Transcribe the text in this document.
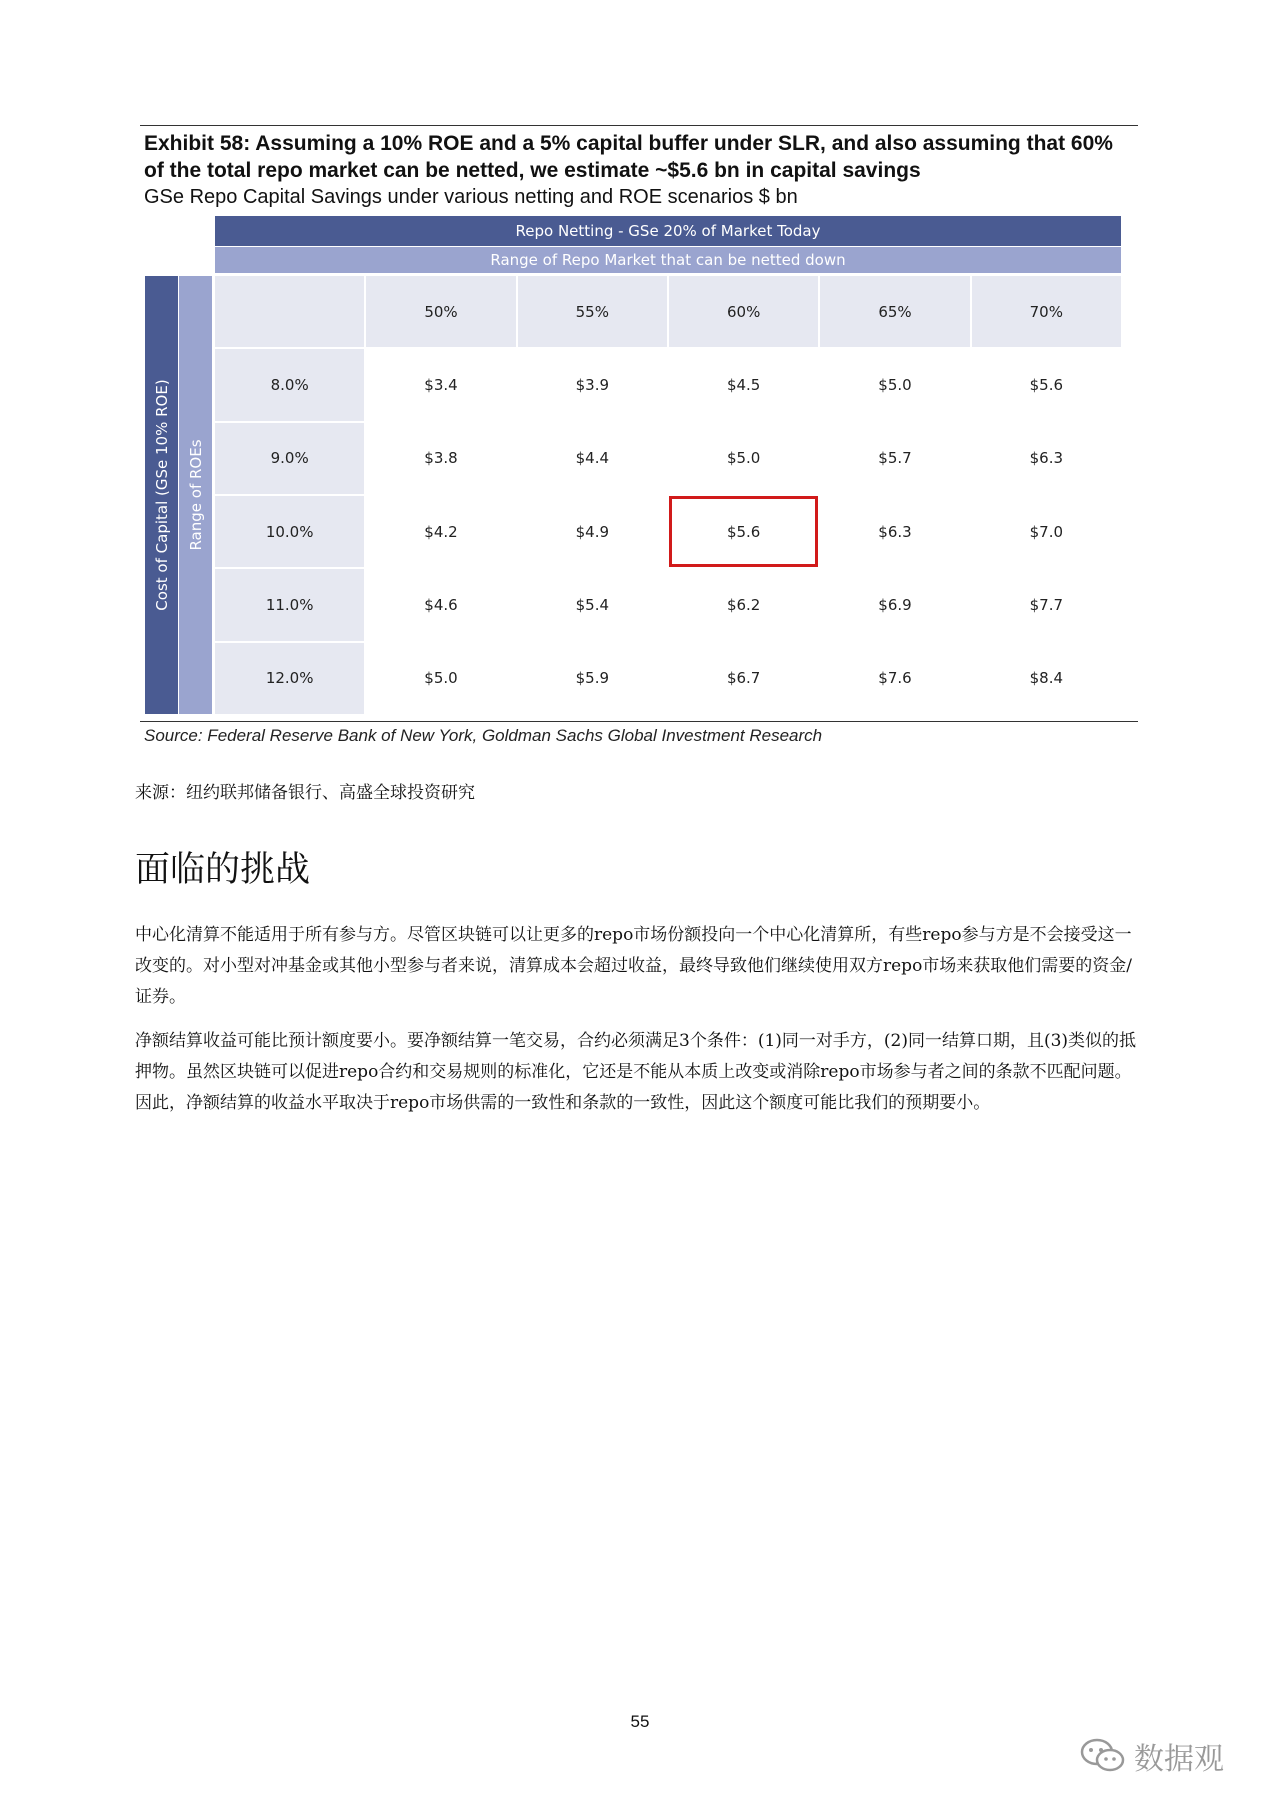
Exhibit 58: Assuming a 10% ROE and a 5% capital buffer under SLR, and also assuming that 60% of the total repo market can be netted, we estimate ~$5.6 bn in capital savings
GSe Repo Capital Savings under various netting and ROE scenarios $ bn
Repo Netting - GSe 20% of Market Today
Range of Repo Market that can be netted down
Cost of Capital (GSe 10% ROE) Range of ROEs
50%	55%	60%	65%	70%
8.0%	$3.4	$3.9	$4.5	$5.0	$5.6
9.0%	$3.8	$4.4	$5.0	$5.7	$6.3
10.0%	$4.2	$4.9	$5.6	$6.3	$7.0
11.0%	$4.6	$5.4	$6.2	$6.9	$7.7
12.0%	$5.0	$5.9	$6.7	$7.6	$8.4
Source: Federal Reserve Bank of New York, Goldman Sachs Global Investment Research
来源：纽约联邦储备银行、高盛全球投资研究
面临的挑战

中心化清算不能适用于所有参与方。尽管区块链可以让更多的repo市场份额投向一个中心化清算所，有些repo参与方是不会接受这一改变的。对小型对冲基金或其他小型参与者来说，清算成本会超过收益，最终导致他们继续使用双方repo市场来获取他们需要的资金/证券。

净额结算收益可能比预计额度要小。要净额结算一笔交易，合约必须满足3个条件：(1)同一对手方，(2)同一结算口期，且(3)类似的抵押物。虽然区块链可以促进repo合约和交易规则的标准化，它还是不能从本质上改变或消除repo市场参与者之间的条款不匹配问题。因此，净额结算的收益水平取决于repo市场供需的一致性和条款的一致性，因此这个额度可能比我们的预期要小。

55
数据观
